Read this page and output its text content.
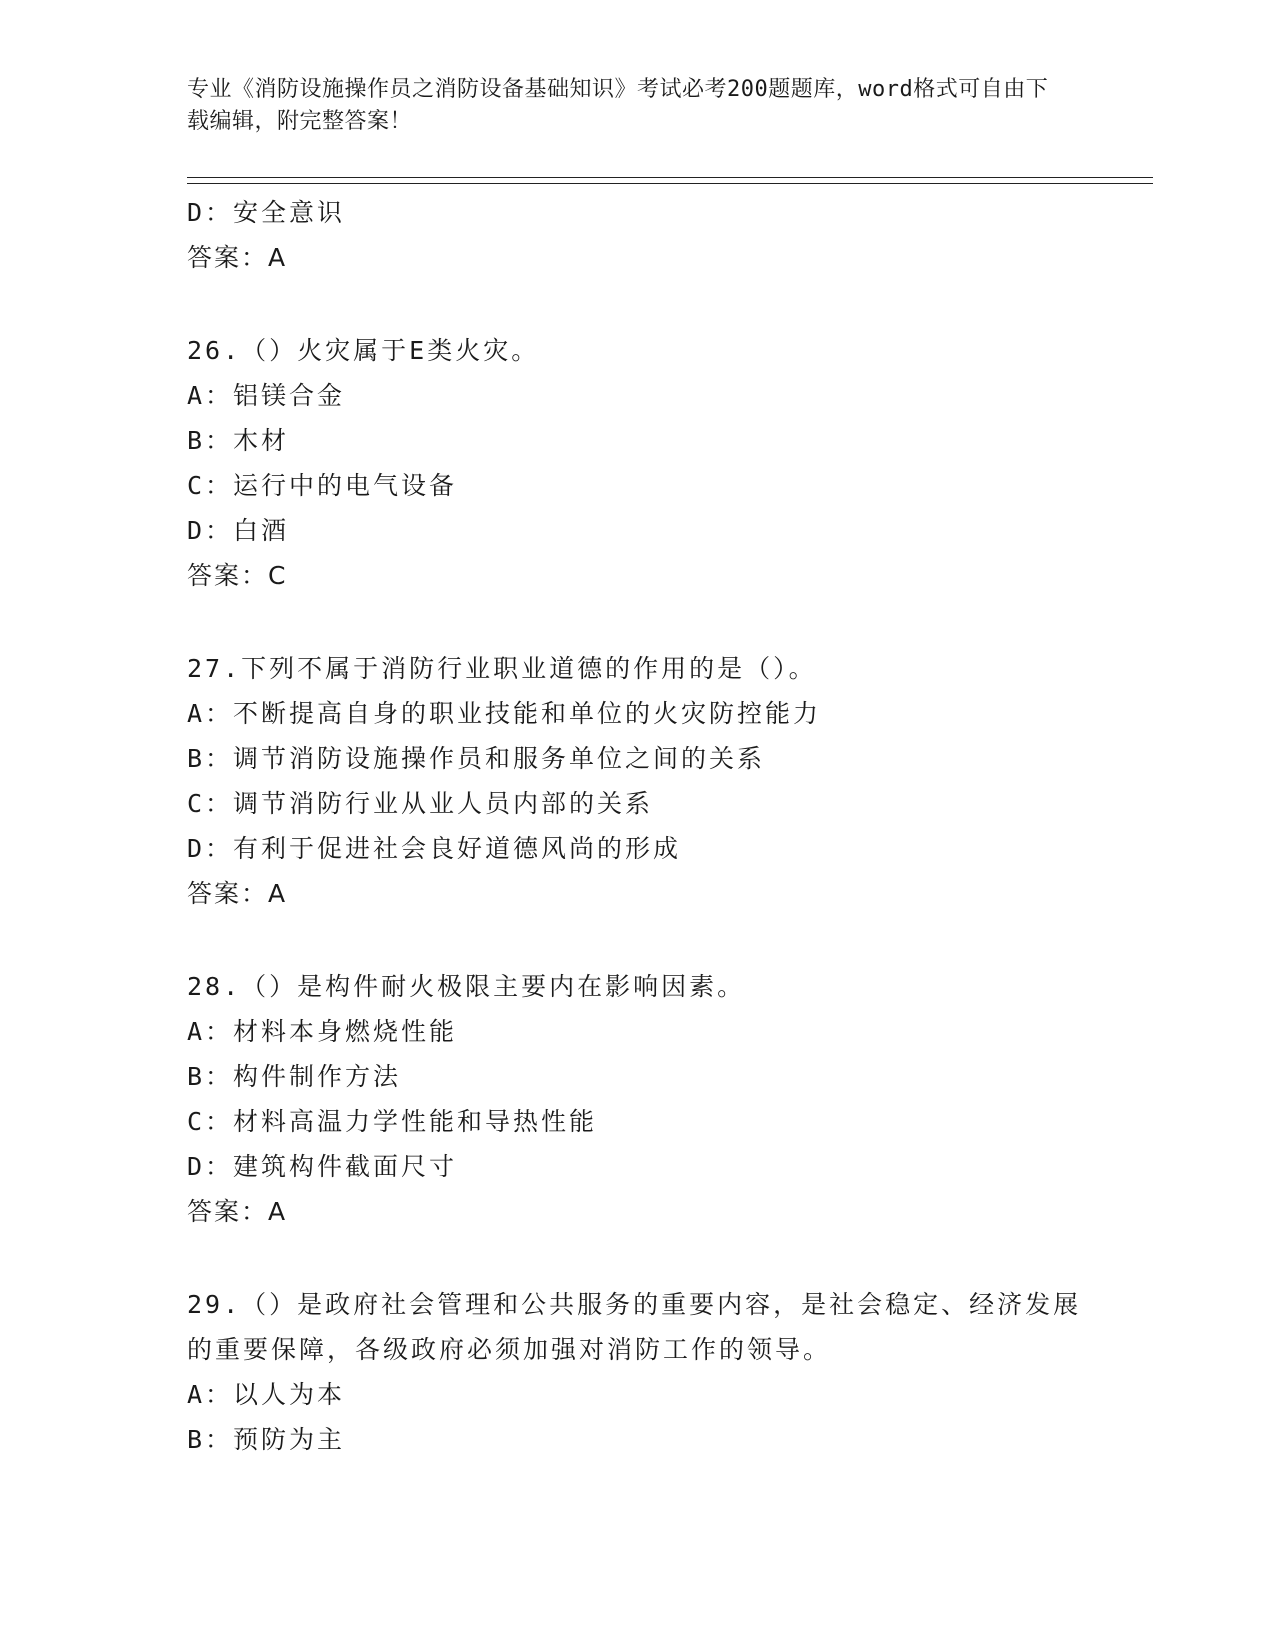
专业《消防设施操作员之消防设备基础知识》考试必考200题题库，word格式可自由下载编辑，附完整答案！
D：安全意识
答案：A
26.（）火灾属于E类火灾。
A：铝镁合金
B：木材
C：运行中的电气设备
D：白酒
答案：C
27.下列不属于消防行业职业道德的作用的是（）。
A：不断提高自身的职业技能和单位的火灾防控能力
B：调节消防设施操作员和服务单位之间的关系
C：调节消防行业从业人员内部的关系
D：有利于促进社会良好道德风尚的形成
答案：A
28.（）是构件耐火极限主要内在影响因素。
A：材料本身燃烧性能
B：构件制作方法
C：材料高温力学性能和导热性能
D：建筑构件截面尺寸
答案：A
29.（）是政府社会管理和公共服务的重要内容，是社会稳定、经济发展的重要保障，各级政府必须加强对消防工作的领导。
A：以人为本
B：预防为主
